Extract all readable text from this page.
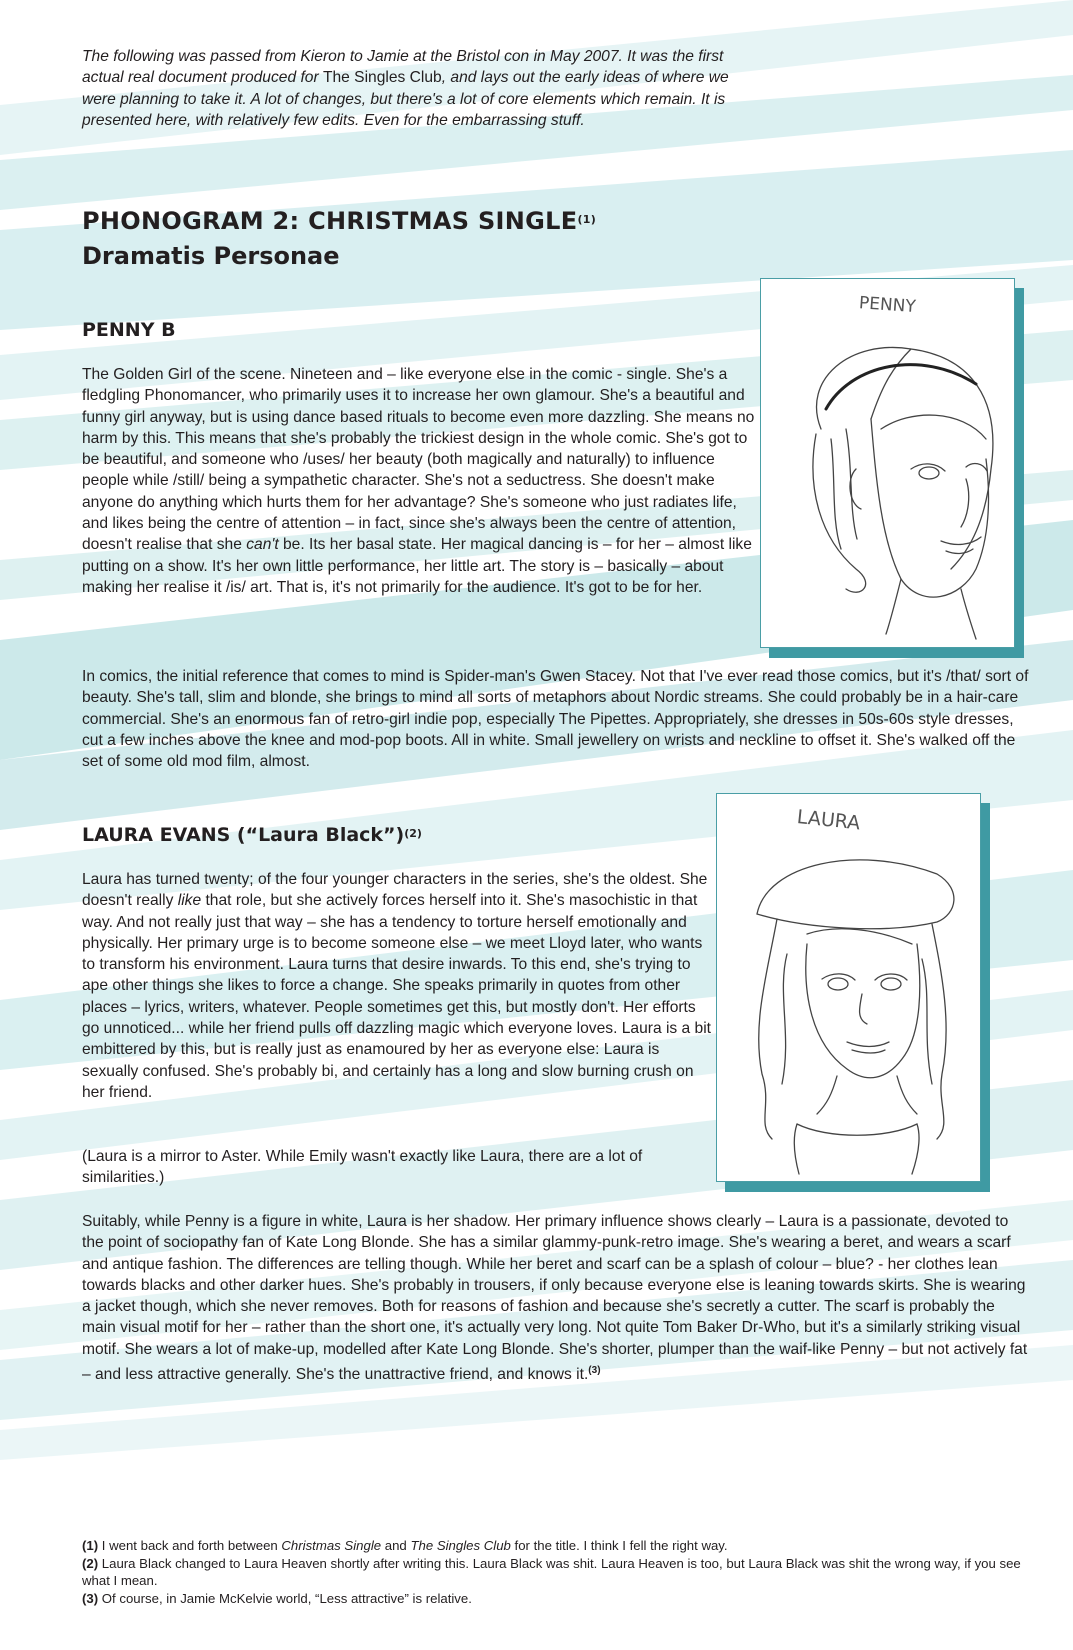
The following was passed from Kieron to Jamie at the Bristol con in May 2007. It was the first actual real document produced for The Singles Club, and lays out the early ideas of where we were planning to take it. A lot of changes, but there's a lot of core elements which remain. It is presented here, with relatively few edits. Even for the embarrassing stuff.

PHONOGRAM 2: CHRISTMAS SINGLE$^{(1)}$
Dramatis Personae
PENNY B

The Golden Girl of the scene. Nineteen and – like everyone else in the comic - single. She's a fledgling Phonomancer, who primarily uses it to increase her own glamour. She's a beautiful and funny girl anyway, but is using dance based rituals to become even more dazzling. She means no harm by this. This means that she's probably the trickiest design in the whole comic. She's got to be beautiful, and someone who /uses/ her beauty (both magically and naturally) to influence people while /still/ being a sympathetic character. She's not a seductress. She doesn't make anyone do anything which hurts them for her advantage? She's someone who just radiates life, and likes being the centre of attention – in fact, since she's always been the centre of attention, doesn't realise that she can't be. Its her basal state. Her magical dancing is – for her – almost like putting on a show. It's her own little performance, her little art. The story is – basically – about making her realise it /is/ art. That is, it's not primarily for the audience. It's got to be for her.

In comics, the initial reference that comes to mind is Spider-man's Gwen Stacey. Not that I've ever read those comics, but it's /that/ sort of beauty. She's tall, slim and blonde, she brings to mind all sorts of metaphors about Nordic streams. She could probably be in a hair-care commercial. She's an enormous fan of retro-girl indie pop, especially The Pipettes. Appropriately, she dresses in 50s-60s style dresses, cut a few inches above the knee and mod-pop boots. All in white. Small jewellery on wrists and neckline to offset it. She's walked off the set of some old mod film, almost.

PENNY
LAURA EVANS (“Laura Black”)$^{(2)}$

Laura has turned twenty; of the four younger characters in the series, she's the oldest. She doesn't really like that role, but she actively forces herself into it. She's masochistic in that way. And not really just that way – she has a tendency to torture herself emotionally and physically. Her primary urge is to become someone else – we meet Lloyd later, who wants to transform his environment. Laura turns that desire inwards. To this end, she's trying to ape other things she likes to force a change. She speaks primarily in quotes from other places – lyrics, writers, whatever. People sometimes get this, but mostly don't. Her efforts go unnoticed... while her friend pulls off dazzling magic which everyone loves. Laura is a bit embittered by this, but is really just as enamoured by her as everyone else: Laura is sexually confused. She's probably bi, and certainly has a long and slow burning crush on her friend.

(Laura is a mirror to Aster. While Emily wasn't exactly like Laura, there are a lot of similarities.)

Suitably, while Penny is a figure in white, Laura is her shadow. Her primary influence shows clearly – Laura is a passionate, devoted to the point of sociopathy fan of Kate Long Blonde. She has a similar glammy-punk-retro image. She's wearing a beret, and wears a scarf and antique fashion. The differences are telling though. While her beret and scarf can be a splash of colour – blue? - her clothes lean towards blacks and other darker hues. She's probably in trousers, if only because everyone else is leaning towards skirts. She is wearing a jacket though, which she never removes. Both for reasons of fashion and because she's secretly a cutter. The scarf is probably the main visual motif for her – rather than the short one, it's actually very long. Not quite Tom Baker Dr-Who, but it's a similarly striking visual motif. She wears a lot of make-up, modelled after Kate Long Blonde. She's shorter, plumper than the waif-like Penny – but not actively fat – and less attractive generally. She's the unattractive friend, and knows it.$^{(3)}$

LAURA

(1) I went back and forth between Christmas Single and The Singles Club for the title. I think I fell the right way.

(2) Laura Black changed to Laura Heaven shortly after writing this. Laura Black was shit. Laura Heaven is too, but Laura Black was shit the wrong way, if you see what I mean.

(3) Of course, in Jamie McKelvie world, “Less attractive” is relative.
